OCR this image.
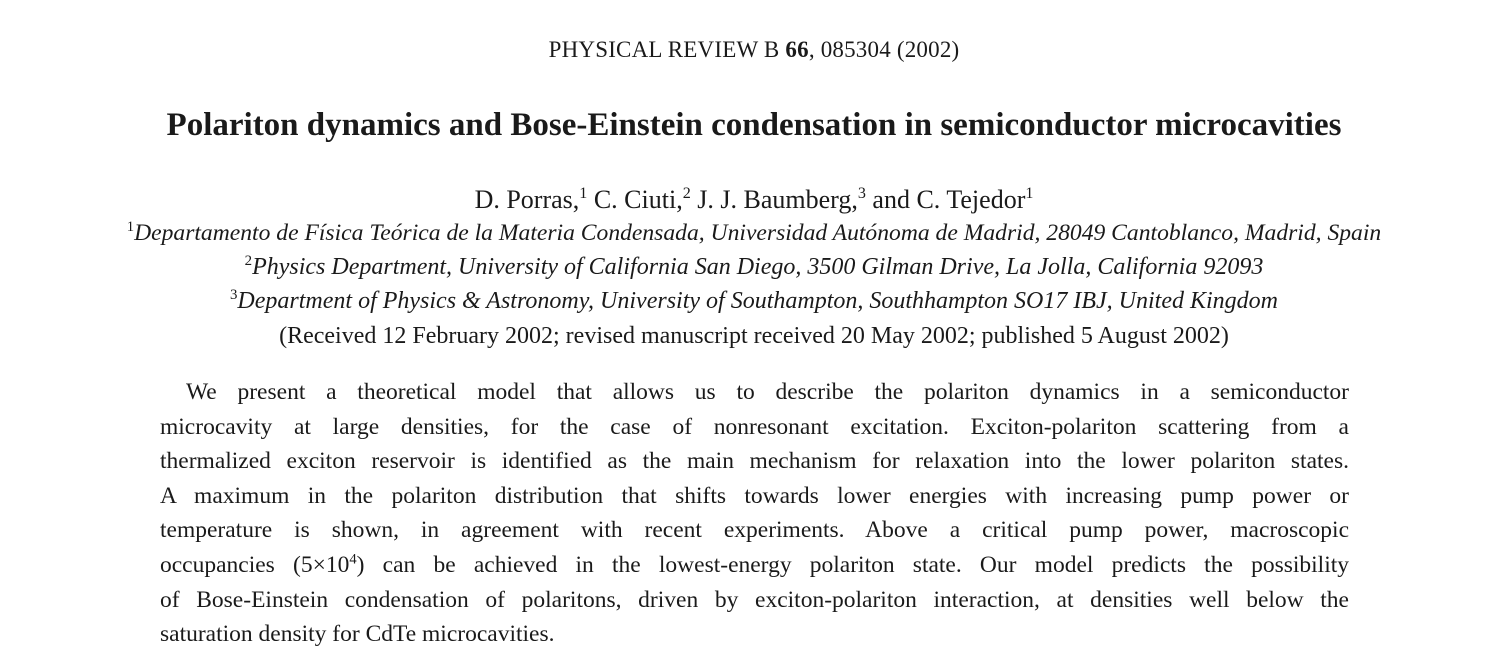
PHYSICAL REVIEW B 66, 085304 (2002)
Polariton dynamics and Bose-Einstein condensation in semiconductor microcavities
D. Porras,$^1$ C. Ciuti,$^2$ J. J. Baumberg,$^3$ and C. Tejedor$^1$
$^1$Departamento de Física Teórica de la Materia Condensada, Universidad Autónoma de Madrid, 28049 Cantoblanco, Madrid, Spain
$^2$Physics Department, University of California San Diego, 3500 Gilman Drive, La Jolla, California 92093
$^3$Department of Physics & Astronomy, University of Southampton, Southhampton SO17 IBJ, United Kingdom
(Received 12 February 2002; revised manuscript received 20 May 2002; published 5 August 2002)
We present a theoretical model that allows us to describe the polariton dynamics in a semiconductor
microcavity at large densities, for the case of nonresonant excitation. Exciton-polariton scattering from a
thermalized exciton reservoir is identified as the main mechanism for relaxation into the lower polariton states.
A maximum in the polariton distribution that shifts towards lower energies with increasing pump power or
temperature is shown, in agreement with recent experiments. Above a critical pump power, macroscopic
occupancies $(5\times 10^4)$ can be achieved in the lowest-energy polariton state. Our model predicts the possibility
of Bose-Einstein condensation of polaritons, driven by exciton-polariton interaction, at densities well below the
saturation density for CdTe microcavities.
